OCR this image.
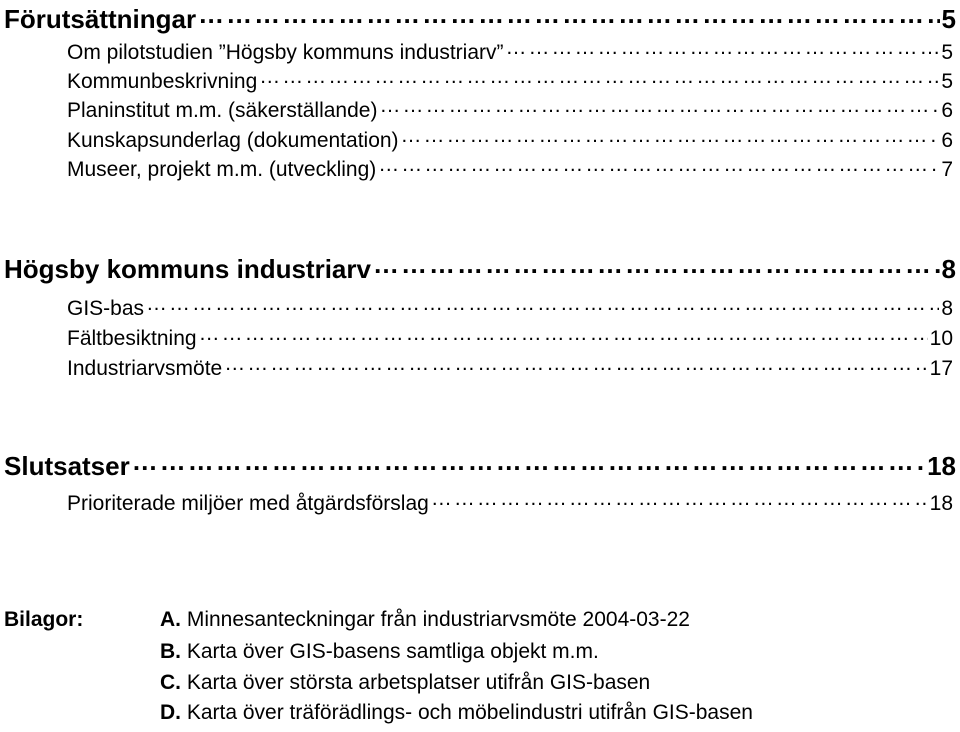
Förutsättningar …………………………………………………………………………………………………………………………………………………………………………………………………………………	5
Om pilotstudien ”Högsby kommuns industriarv” …………………………………………………………………………………………………………………………………………………………………………………………………………………	5
Kommunbeskrivning …………………………………………………………………………………………………………………………………………………………………………………………………………………	5
Planinstitut m.m. (säkerställande) …………………………………………………………………………………………………………………………………………………………………………………………………………………	6
Kunskapsunderlag (dokumentation) …………………………………………………………………………………………………………………………………………………………………………………………………………………	6
Museer, projekt m.m. (utveckling) …………………………………………………………………………………………………………………………………………………………………………………………………………………	7
Högsby kommuns industriarv …………………………………………………………………………………………………………………………………………………………………………………………………………………	8
GIS-bas …………………………………………………………………………………………………………………………………………………………………………………………………………………	8
Fältbesiktning …………………………………………………………………………………………………………………………………………………………………………………………………………………	10
Industriarvsmöte …………………………………………………………………………………………………………………………………………………………………………………………………………………	17
Slutsatser …………………………………………………………………………………………………………………………………………………………………………………………………………………	18
Prioriterade miljöer med åtgärdsförslag …………………………………………………………………………………………………………………………………………………………………………………………………………………	18
Bilagor:	A. Minnesanteckningar från industriarvsmöte 2004-03-22
B. Karta över GIS-basens samtliga objekt m.m.
C. Karta över största arbetsplatser utifrån GIS-basen
D. Karta över träförädlings- och möbelindustri utifrån GIS-basen
